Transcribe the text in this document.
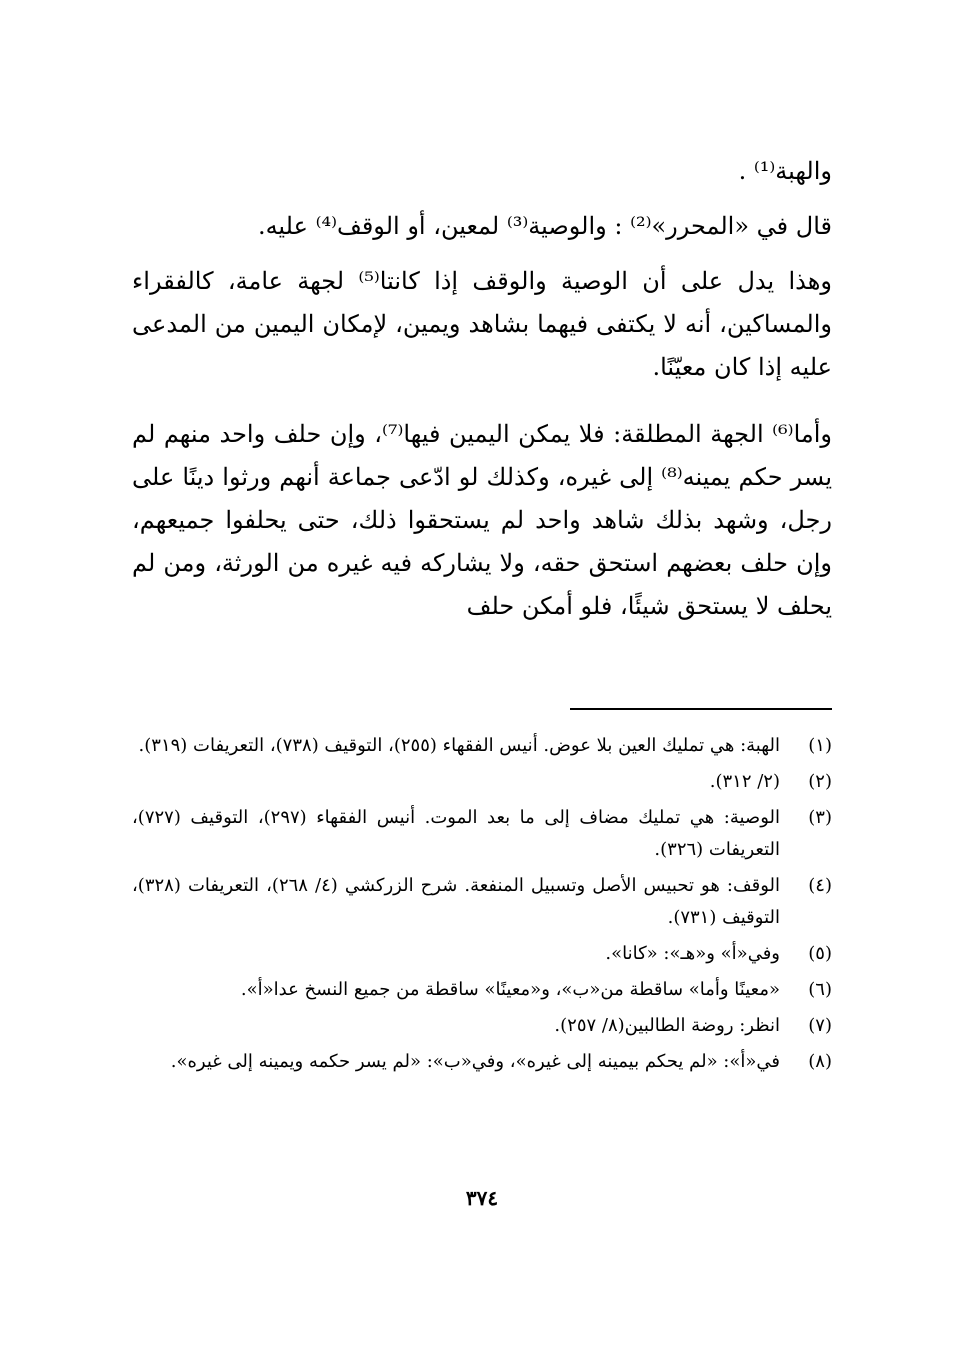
والهبة⁽¹⁾ .

قال في «المحرر»⁽²⁾ : والوصية⁽³⁾ لمعين، أو الوقف⁽⁴⁾ عليه.

وهذا يدل على أن الوصية والوقف إذا كانتا⁽⁵⁾ لجهة عامة، كالفقراء والمساكين، أنه لا يكتفى فيهما بشاهد ويمين، لإمكان اليمين من المدعى عليه إذا كان معيّنًا.

وأما⁽⁶⁾ الجهة المطلقة: فلا يمكن اليمين فيها⁽⁷⁾، وإن حلف واحد منهم لم يسر حكم يمينه⁽⁸⁾ إلى غيره، وكذلك لو ادّعى جماعة أنهم ورثوا دينًا على رجل، وشهد بذلك شاهد واحد لم يستحقوا ذلك، حتى يحلفوا جميعهم، وإن حلف بعضهم استحق حقه، ولا يشاركه فيه غيره من الورثة، ومن لم يحلف لا يستحق شيئًا، فلو أمكن حلف

(١)
الهبة: هي تمليك العين بلا عوض. أنيس الفقهاء (٢٥٥)، التوقيف (٧٣٨)، التعريفات (٣١٩).
(٢)
(٢/ ٣١٢).
(٣)
الوصية: هي تمليك مضاف إلى ما بعد الموت. أنيس الفقهاء (٢٩٧)، التوقيف (٧٢٧)، التعريفات (٣٢٦).
(٤)
الوقف: هو تحبيس الأصل وتسبيل المنفعة. شرح الزركشي (٤/ ٢٦٨)، التعريفات (٣٢٨)، التوقيف (٧٣١).
(٥)
وفي«أ» و«هـ»: «كانا».
(٦)
«معينًا وأما» ساقطة من«ب»، و«معينًا» ساقطة من جميع النسخ عدا«أ».
(٧)
انظر: روضة الطالبين(٨/ ٢٥٧).
(٨)
في«أ»: «لم يحكم بيمينه إلى غيره»، وفي«ب»: «لم يسر حكمه ويمينه إلى غيره».
٣٧٤
